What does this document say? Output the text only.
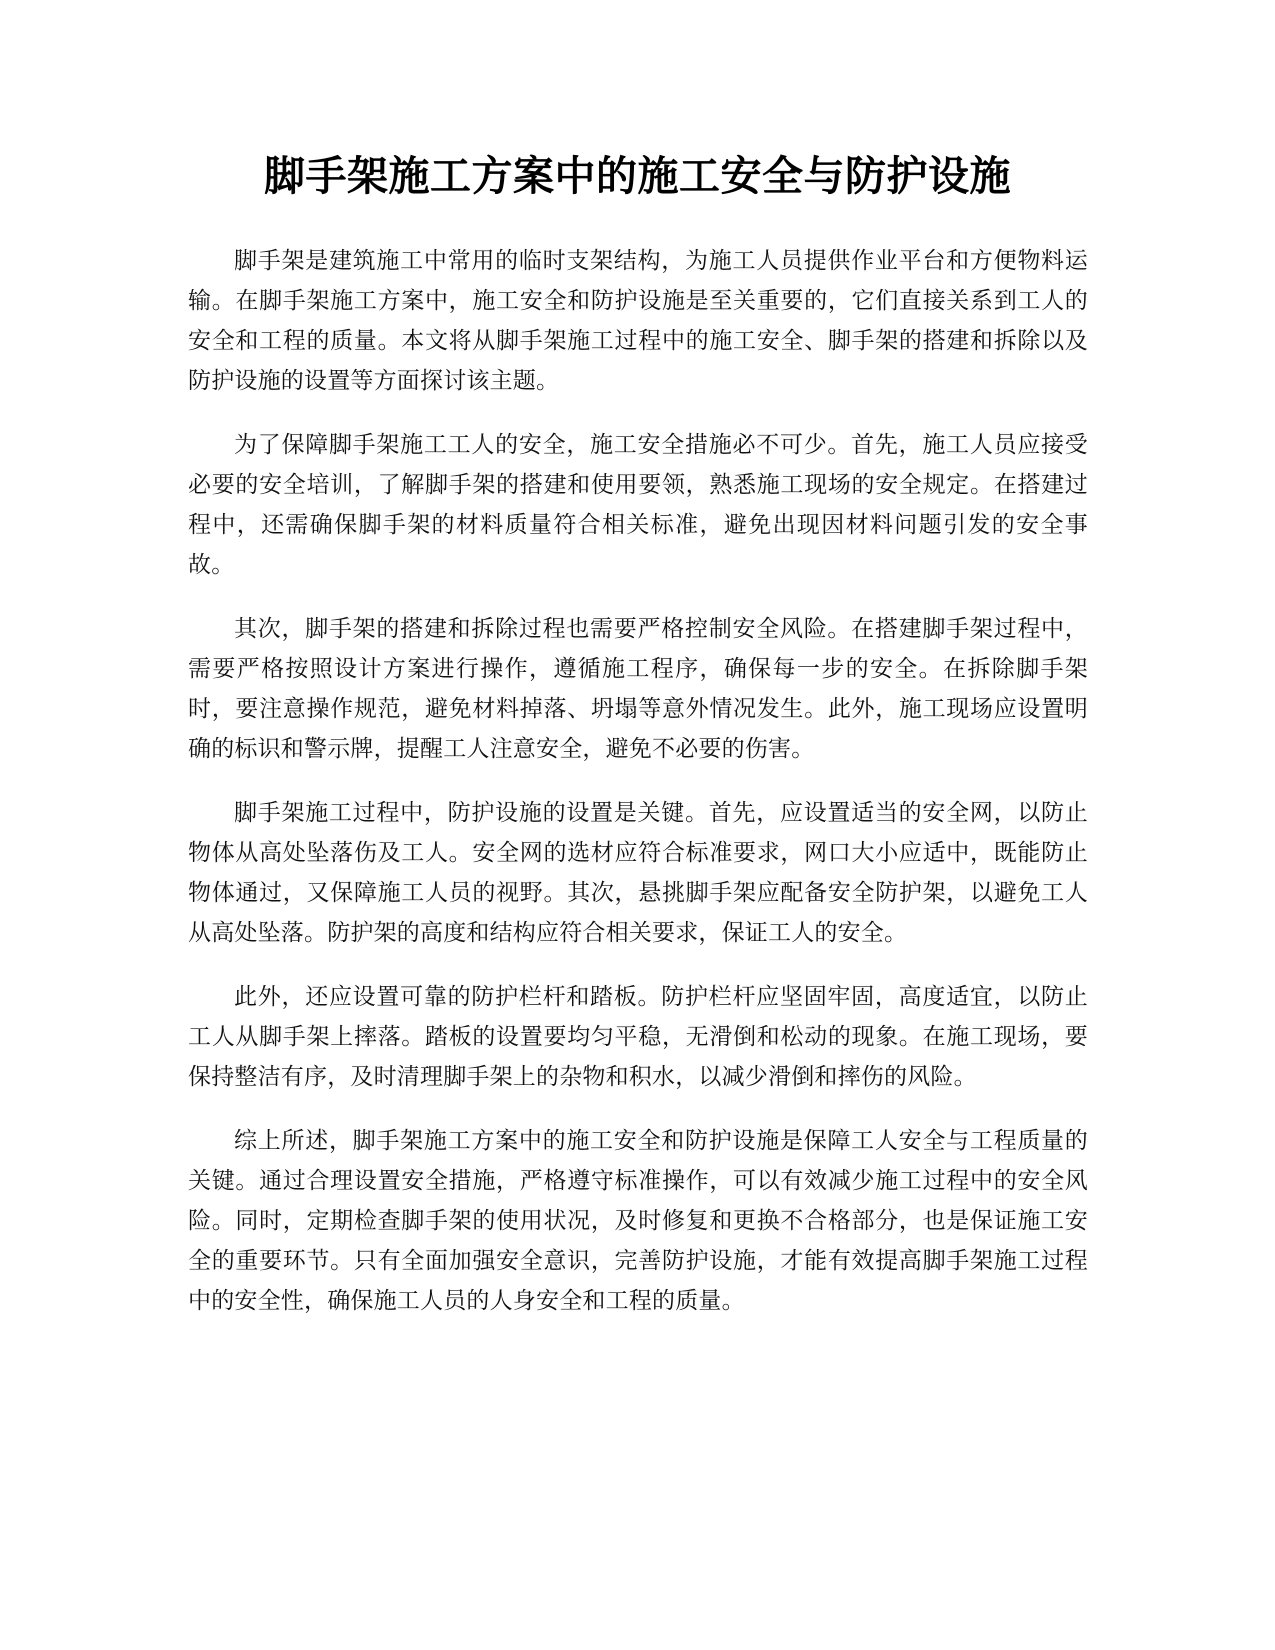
脚手架施工方案中的施工安全与防护设施

脚手架是建筑施工中常用的临时支架结构，为施工人员提供作业平台和方便物料运输。在脚手架施工方案中，施工安全和防护设施是至关重要的，它们直接关系到工人的安全和工程的质量。本文将从脚手架施工过程中的施工安全、脚手架的搭建和拆除以及防护设施的设置等方面探讨该主题。

为了保障脚手架施工工人的安全，施工安全措施必不可少。首先，施工人员应接受必要的安全培训，了解脚手架的搭建和使用要领，熟悉施工现场的安全规定。在搭建过程中，还需确保脚手架的材料质量符合相关标准，避免出现因材料问题引发的安全事故。

其次，脚手架的搭建和拆除过程也需要严格控制安全风险。在搭建脚手架过程中，需要严格按照设计方案进行操作，遵循施工程序，确保每一步的安全。在拆除脚手架时，要注意操作规范，避免材料掉落、坍塌等意外情况发生。此外，施工现场应设置明确的标识和警示牌，提醒工人注意安全，避免不必要的伤害。

脚手架施工过程中，防护设施的设置是关键。首先，应设置适当的安全网，以防止物体从高处坠落伤及工人。安全网的选材应符合标准要求，网口大小应适中，既能防止物体通过，又保障施工人员的视野。其次，悬挑脚手架应配备安全防护架，以避免工人从高处坠落。防护架的高度和结构应符合相关要求，保证工人的安全。

此外，还应设置可靠的防护栏杆和踏板。防护栏杆应坚固牢固，高度适宜，以防止工人从脚手架上摔落。踏板的设置要均匀平稳，无滑倒和松动的现象。在施工现场，要保持整洁有序，及时清理脚手架上的杂物和积水，以减少滑倒和摔伤的风险。

综上所述，脚手架施工方案中的施工安全和防护设施是保障工人安全与工程质量的关键。通过合理设置安全措施，严格遵守标准操作，可以有效减少施工过程中的安全风险。同时，定期检查脚手架的使用状况，及时修复和更换不合格部分，也是保证施工安全的重要环节。只有全面加强安全意识，完善防护设施，才能有效提高脚手架施工过程中的安全性，确保施工人员的人身安全和工程的质量。
